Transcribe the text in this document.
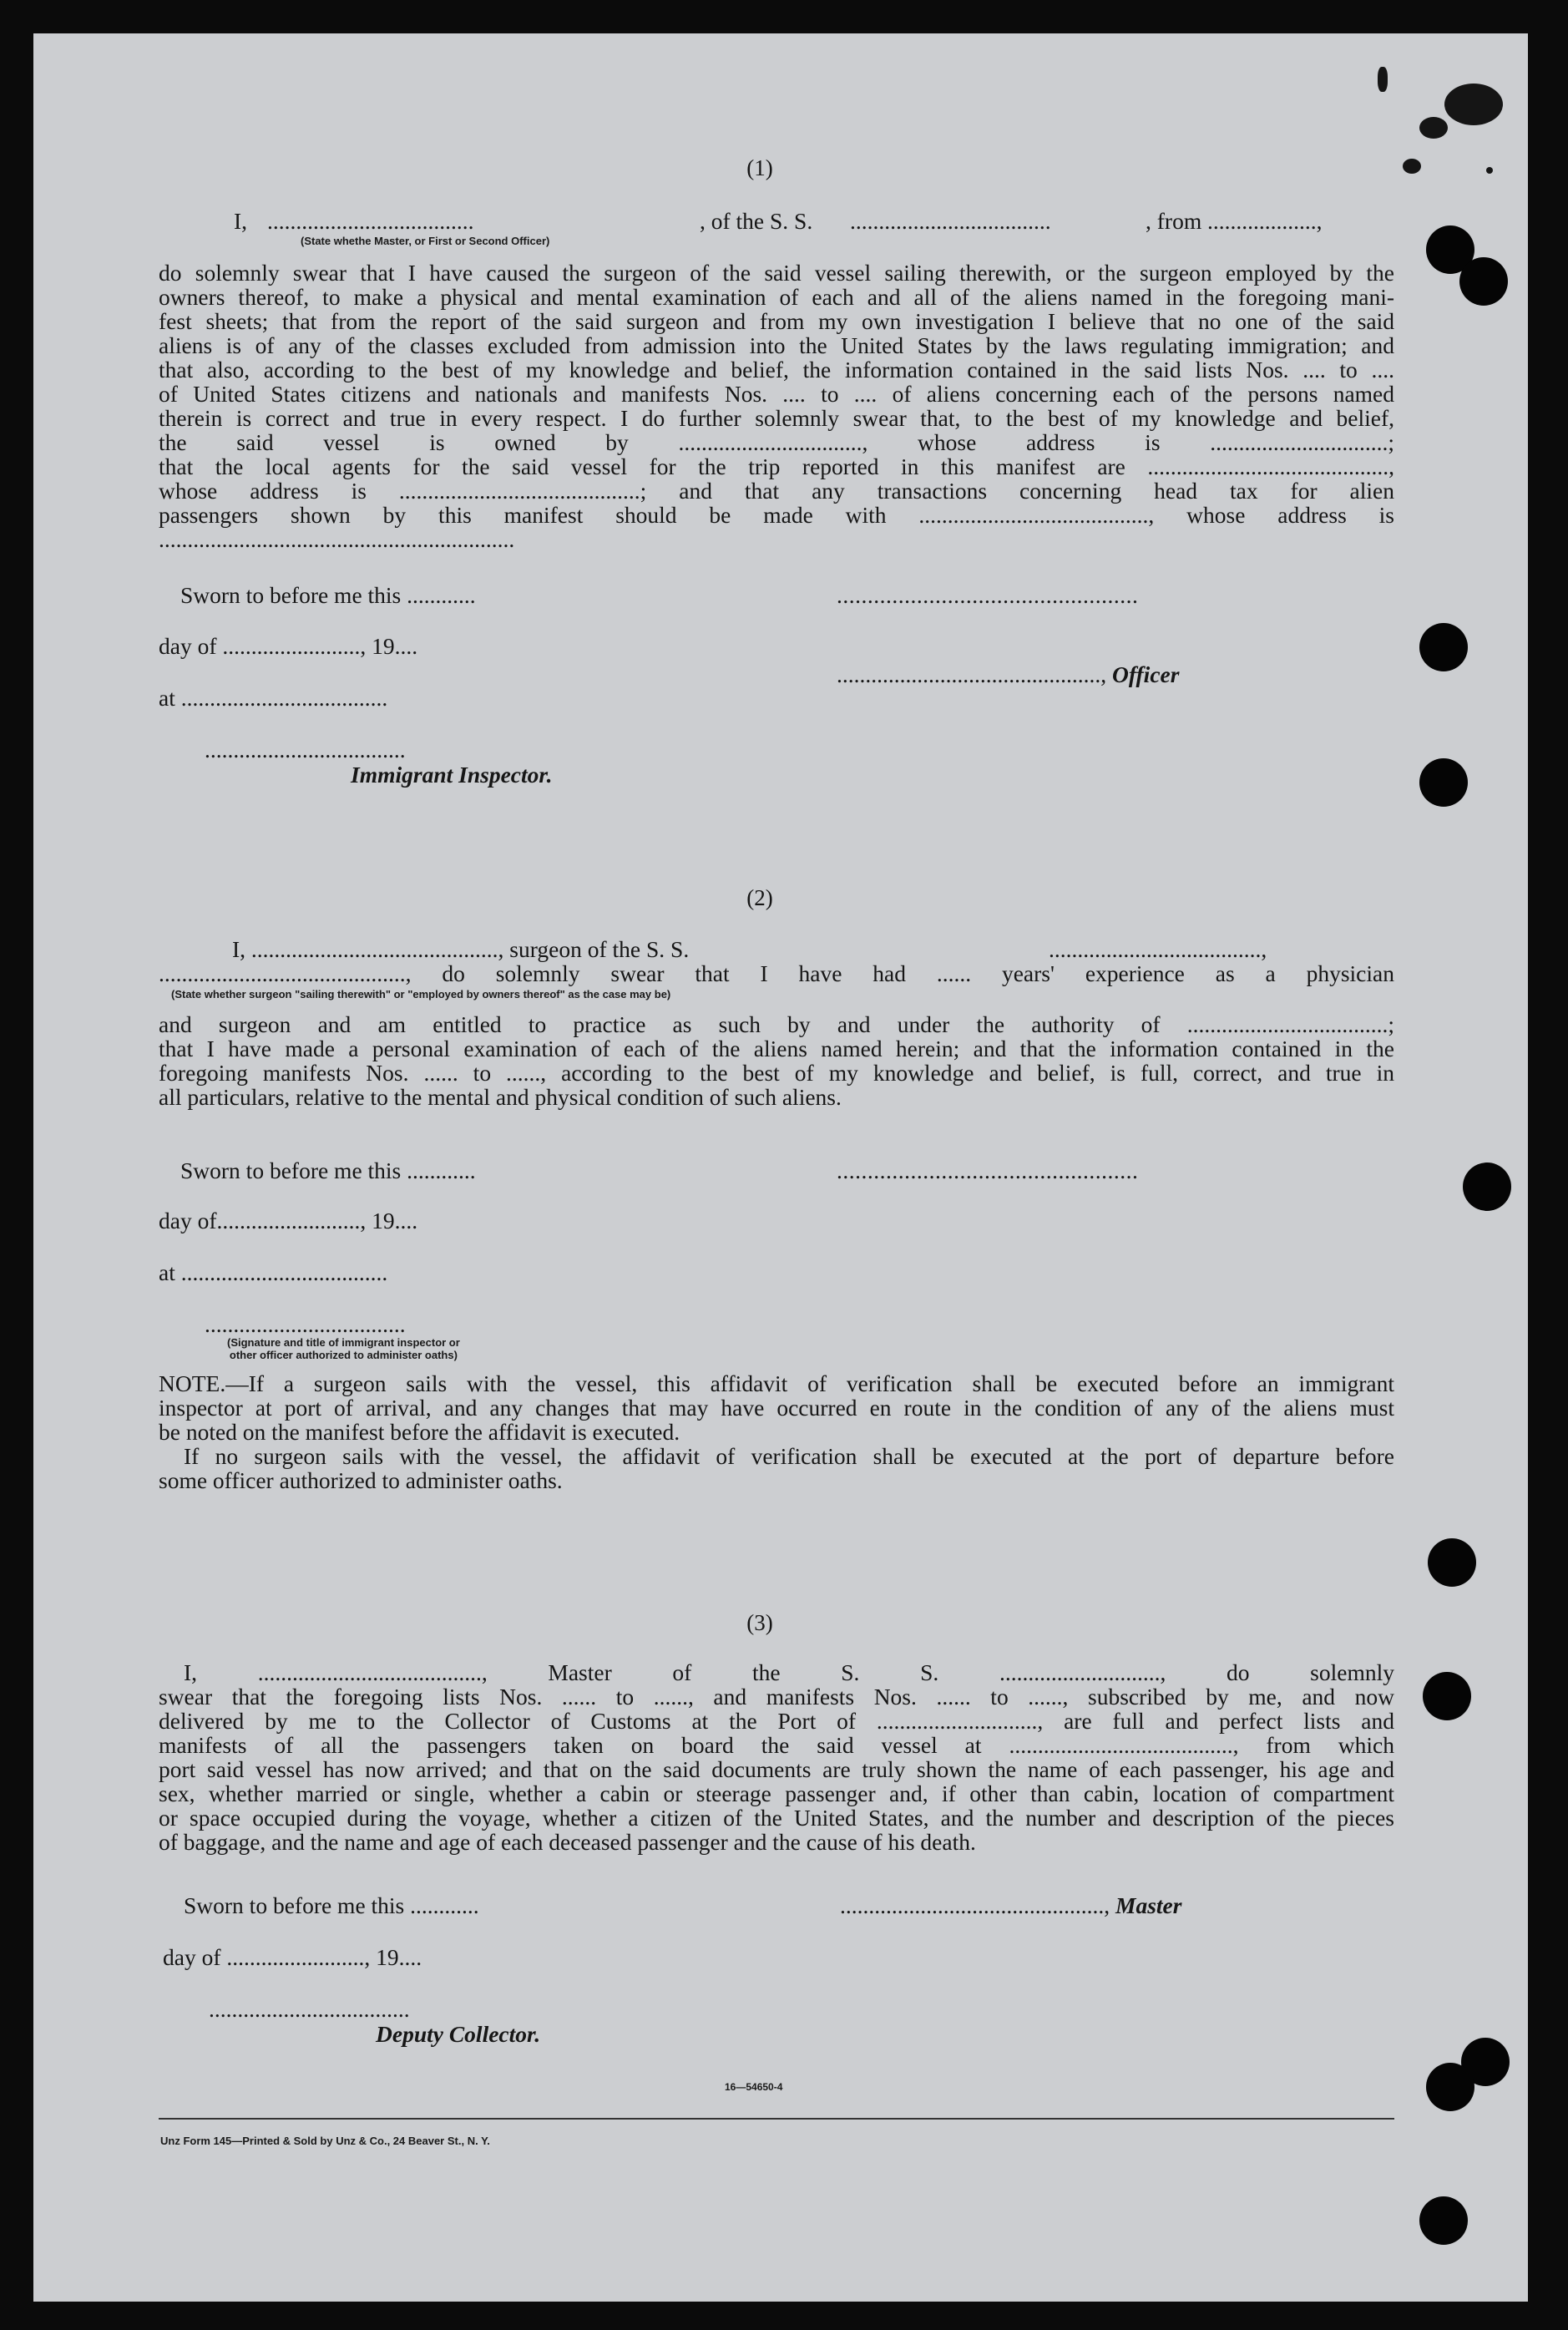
(1)
I, ....................................	, of the S. S. ...................................	, from ...................,
(State whethe Master, or First or Second Officer)

do solemnly swear that I have caused the surgeon of the said vessel sailing therewith, or the surgeon employed by the

owners thereof, to make a physical and mental examination of each and all of the aliens named in the foregoing mani-

fest sheets; that from the report of the said surgeon and from my own investigation I believe that no one of the said

aliens is of any of the classes excluded from admission into the United States by the laws regulating immigration; and

that also, according to the best of my knowledge and belief, the information contained in the said lists Nos. .... to ....

of United States citizens and nationals and manifests Nos. .... to .... of aliens concerning each of the persons named

therein is correct and true in every respect. I do further solemnly swear that, to the best of my knowledge and belief,

the said vessel is owned by ................................, whose address is ...............................;

that the local agents for the said vessel for the trip reported in this manifest are ..........................................,

whose address is ..........................................; and that any transactions concerning head tax for alien

passengers shown by this manifest should be made with ........................................, whose address is

..............................................................

Sworn to before me this ............	.................................................
day of ........................, 19....
.............................................., Officer
at ....................................
...................................
Immigrant Inspector.
(2)
I, ..........................................., surgeon of the S. S.	.....................................,

..........................................., do solemnly swear that I have had ...... years' experience as a physician

(State whether surgeon "sailing therewith" or "employed by owners thereof" as the case may be)

and surgeon and am entitled to practice as such by and under the authority of ...................................;

that I have made a personal examination of each of the aliens named herein; and that the information contained in the

foregoing manifests Nos. ...... to ......, according to the best of my knowledge and belief, is full, correct, and true in

all particulars, relative to the mental and physical condition of such aliens.

Sworn to before me this ............	.................................................
day of........................., 19....
at ....................................
...................................
(Signature and title of immigrant inspector or
other officer authorized to administer oaths)

NOTE.—If a surgeon sails with the vessel, this affidavit of verification shall be executed before an immigrant

inspector at port of arrival, and any changes that may have occurred en route in the condition of any of the aliens must

be noted on the manifest before the affidavit is executed.

If no surgeon sails with the vessel, the affidavit of verification shall be executed at the port of departure before

some officer authorized to administer oaths.

(3)

I, ......................................., Master of the S. S. ............................, do solemnly

swear that the foregoing lists Nos. ...... to ......, and manifests Nos. ...... to ......, subscribed by me, and now

delivered by me to the Collector of Customs at the Port of ............................, are full and perfect lists and

manifests of all the passengers taken on board the said vessel at ......................................., from which

port said vessel has now arrived; and that on the said documents are truly shown the name of each passenger, his age and

sex, whether married or single, whether a cabin or steerage passenger and, if other than cabin, location of compartment

or space occupied during the voyage, whether a citizen of the United States, and the number and description of the pieces

of baggage, and the name and age of each deceased passenger and the cause of his death.

Sworn to before me this ............	.............................................., Master
day of ........................, 19....
...................................
Deputy Collector.
16—54650-4
Unz Form 145—Printed & Sold by Unz & Co., 24 Beaver St., N. Y.
